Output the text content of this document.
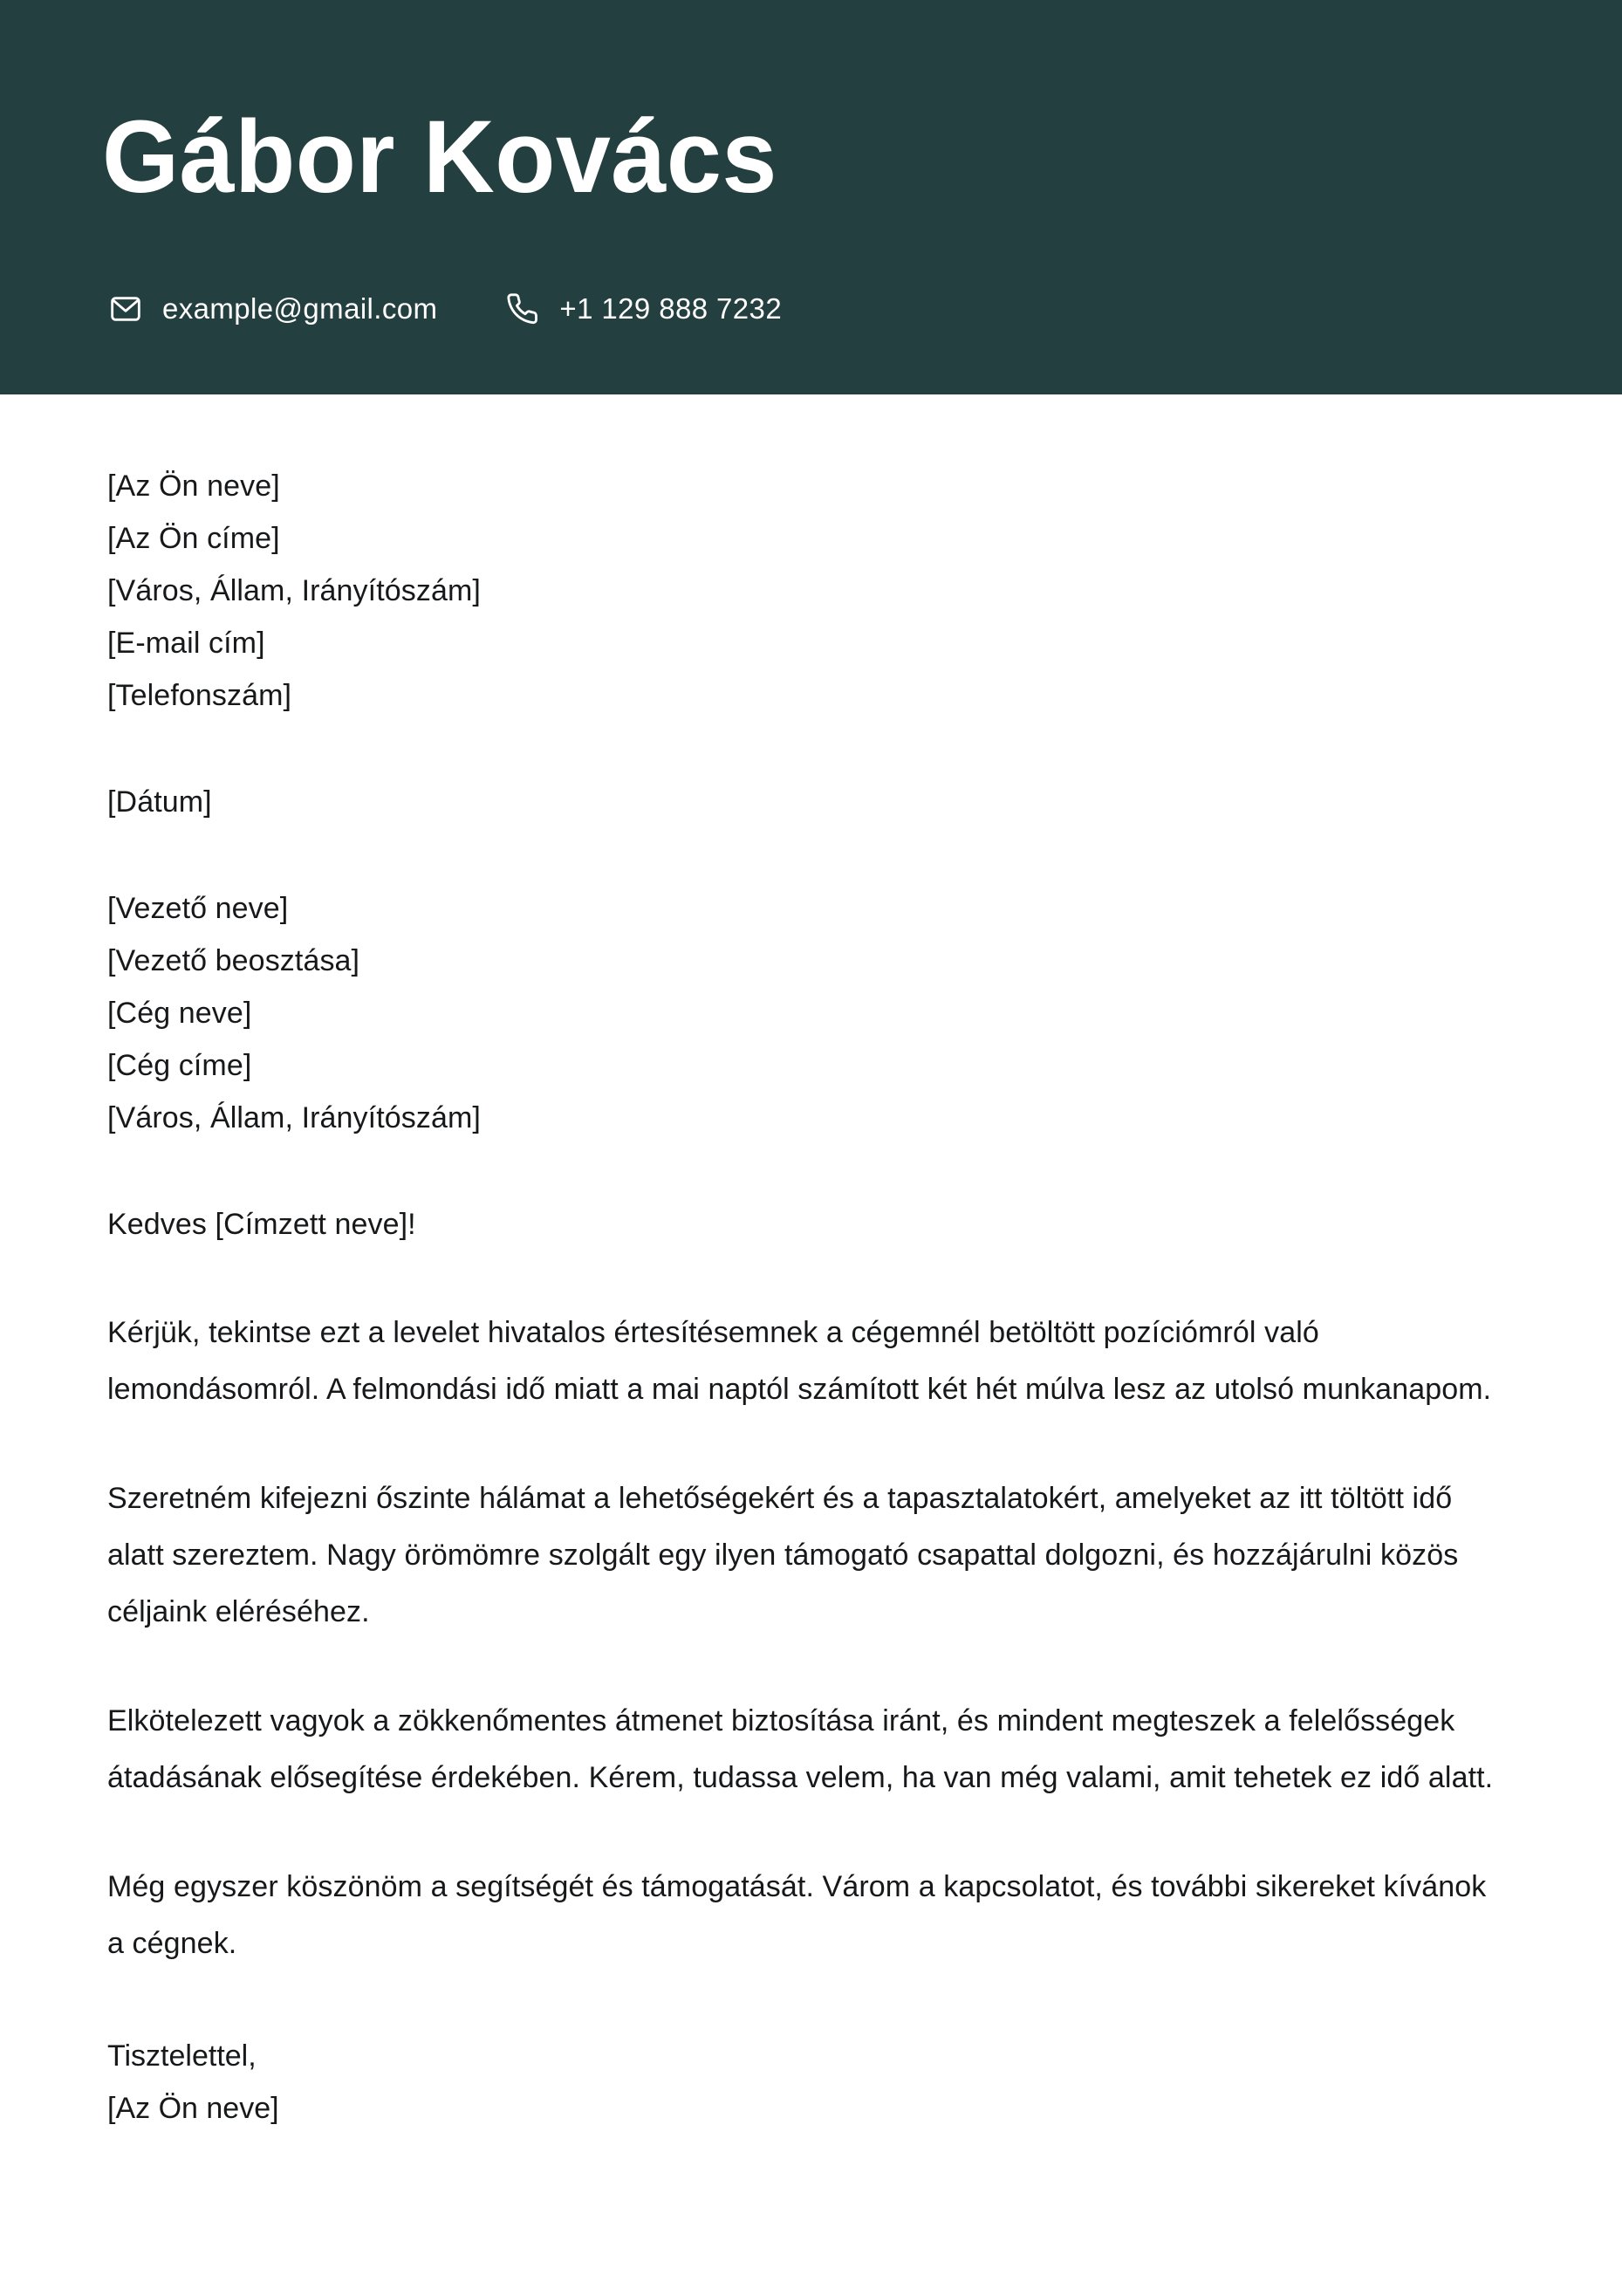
Gábor Kovács
example@gmail.com	+1 129 888 7232

[Az Ön neve]

[Az Ön címe]

[Város, Állam, Irányítószám]

[E-mail cím]

[Telefonszám]

[Dátum]

[Vezető neve]

[Vezető beosztása]

[Cég neve]

[Cég címe]

[Város, Állam, Irányítószám]

Kedves [Címzett neve]!

Kérjük, tekintse ezt a levelet hivatalos értesítésemnek a cégemnél betöltött pozíciómról való lemondásomról. A felmondási idő miatt a mai naptól számított két hét múlva lesz az utolsó munkanapom.

Szeretném kifejezni őszinte hálámat a lehetőségekért és a tapasztalatokért, amelyeket az itt töltött idő alatt szereztem. Nagy örömömre szolgált egy ilyen támogató csapattal dolgozni, és hozzájárulni közös céljaink eléréséhez.

Elkötelezett vagyok a zökkenőmentes átmenet biztosítása iránt, és mindent megteszek a felelősségek átadásának elősegítése érdekében. Kérem, tudassa velem, ha van még valami, amit tehetek ez idő alatt.

Még egyszer köszönöm a segítségét és támogatását. Várom a kapcsolatot, és további sikereket kívánok a cégnek.

Tisztelettel,

[Az Ön neve]
